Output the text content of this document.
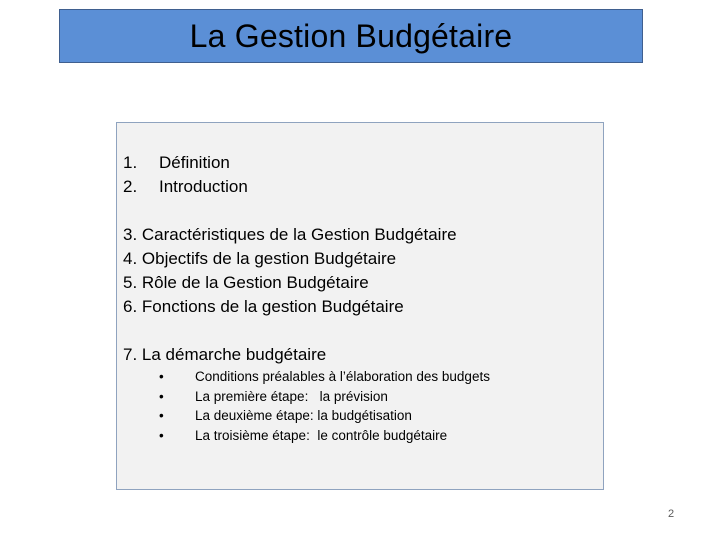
La Gestion Budgétaire
1.	Définition
2.	Introduction
3. Caractéristiques de la Gestion Budgétaire
4. Objectifs de la gestion Budgétaire
5. Rôle de la Gestion Budgétaire
6. Fonctions de la gestion Budgétaire
7. La démarche budgétaire
•	Conditions préalables à l’élaboration des budgets
•	La première étape:   la prévision
•	La deuxième étape: la budgétisation
•	La troisième étape:  le contrôle budgétaire
2
